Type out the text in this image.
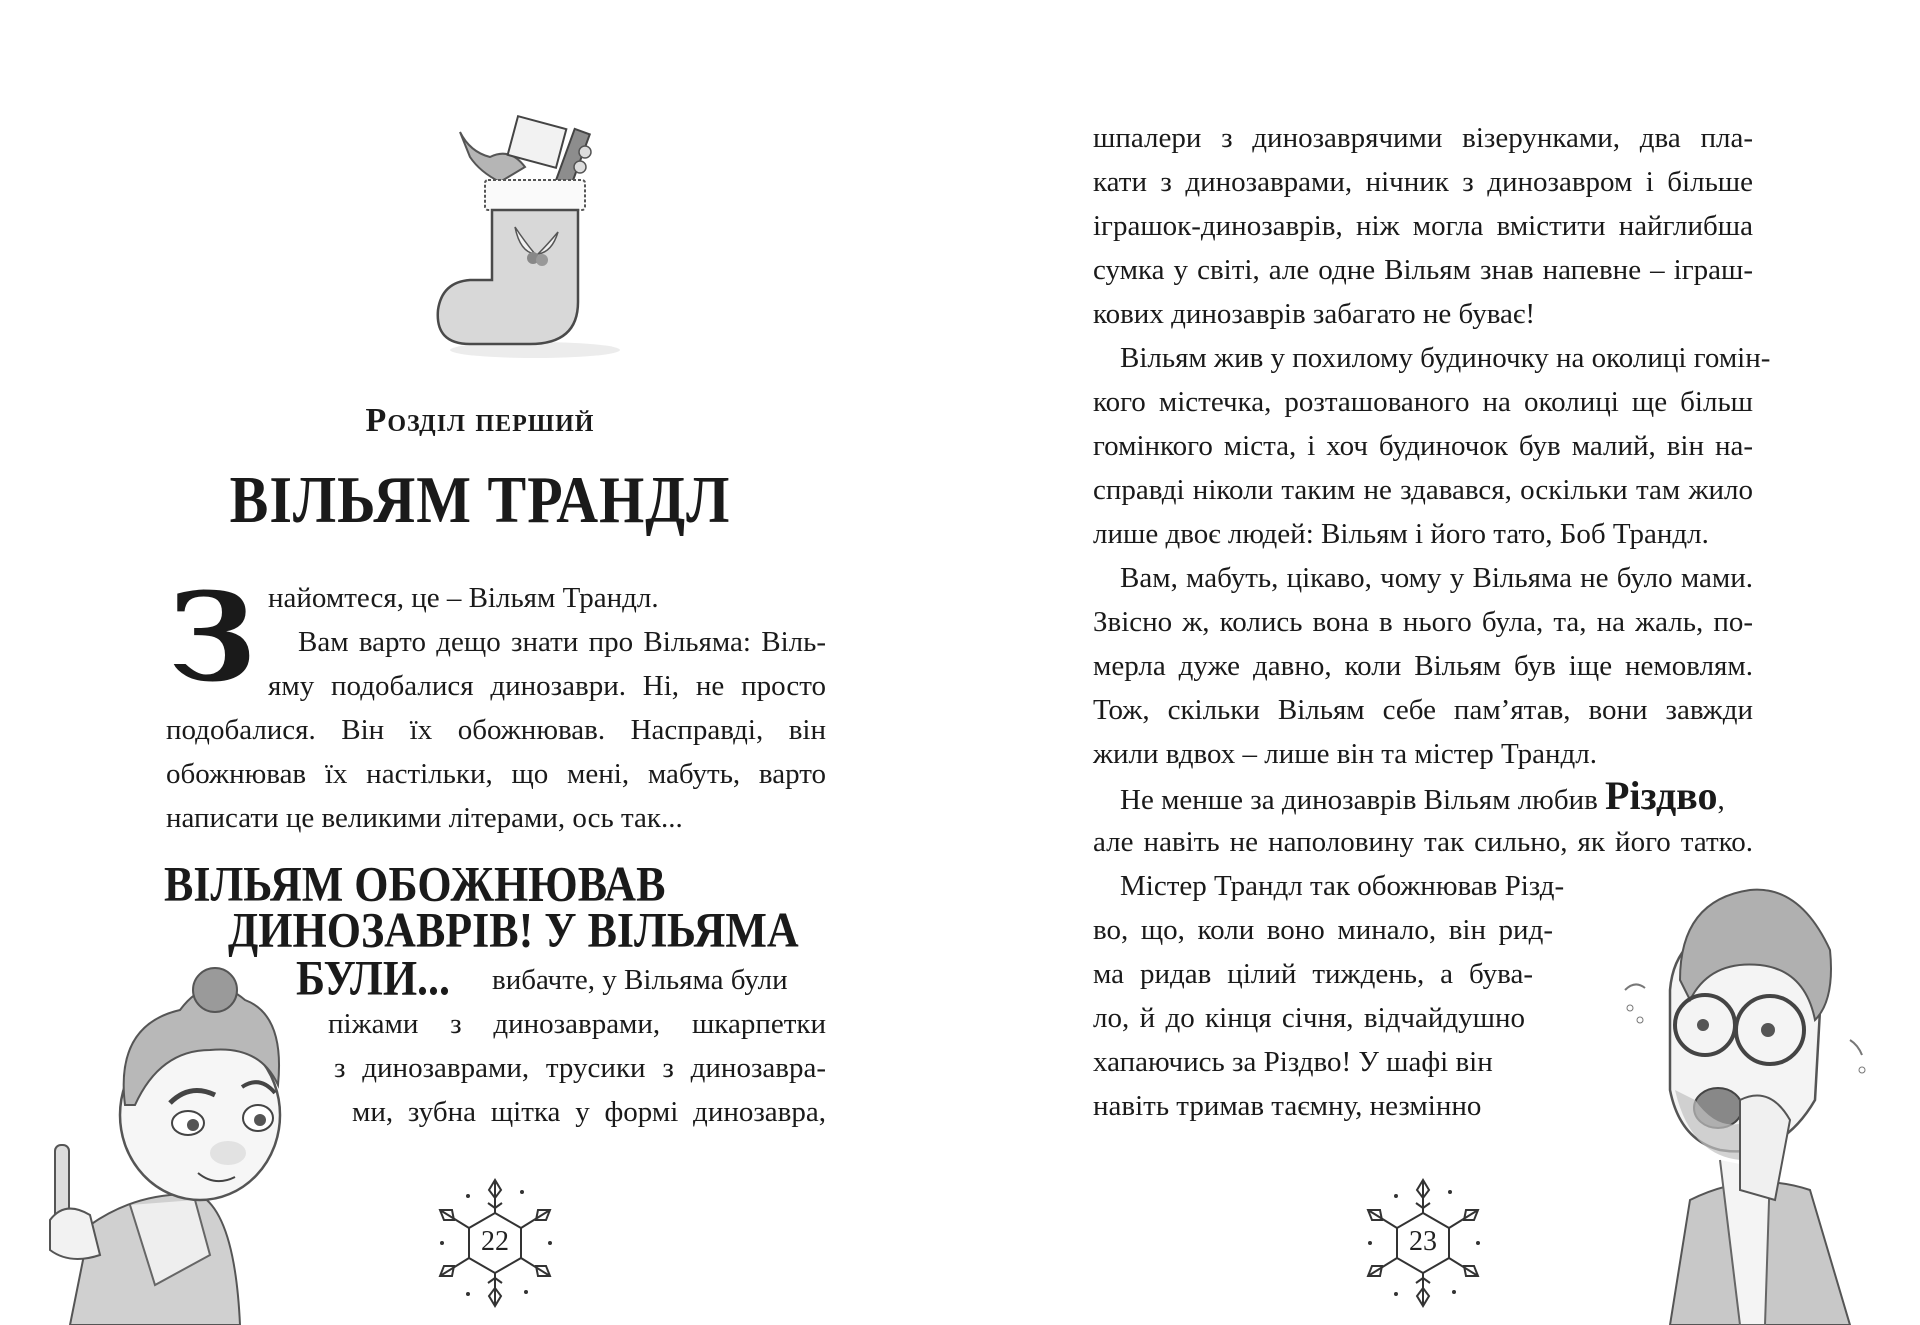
Розділ перший
ВІЛЬЯМ ТРАНДЛ
З найомтеся, це – Вільям Трандл.
Вам варто дещо знати про Вільяма: Віль-
яму подобалися динозаври. Ні, не просто
подобалися. Він їх обожнював. Насправді, він
обожнював їх настільки, що мені, мабуть, варто
написати це великими літерами, ось так...
ВІЛЬЯМ ОБОЖНЮВАВ
ДИНОЗАВРІВ! У ВІЛЬЯМА
БУЛИ... вибачте, у Вільяма були
піжами з динозаврами, шкарпетки
з динозаврами, трусики з динозавра-
ми, зубна щітка у формі динозавра,
22
шпалери з динозаврячими візерунками, два пла-
кати з динозаврами, нічник з динозавром і більше
іграшок-динозаврів, ніж могла вмістити найглибша
сумка у світі, але одне Вільям знав напевне – іграш-
кових динозаврів забагато не буває!
Вільям жив у похилому будиночку на околиці гомін-
кого містечка, розташованого на околиці ще більш
гомінкого міста, і хоч будиночок був малий, він на-
справді ніколи таким не здавався, оскільки там жило
лише двоє людей: Вільям і його тато, Боб Трандл.
Вам, мабуть, цікаво, чому у Вільяма не було мами.
Звісно ж, колись вона в нього була, та, на жаль, по-
мерла дуже давно, коли Вільям був іще немовлям.
Тож, скільки Вільям себе пам’ятав, вони завжди
жили вдвох – лише він та містер Трандл.
Не менше за динозаврів Вільям любив Різдво,
але навіть не наполовину так сильно, як його татко.
Містер Трандл так обожнював Різд-
во, що, коли воно минало, він рид-
ма ридав цілий тиждень, а бува-
ло, й до кінця січня, відчайдушно
хапаючись за Різдво! У шафі він
навіть тримав таємну, незмінно
23
